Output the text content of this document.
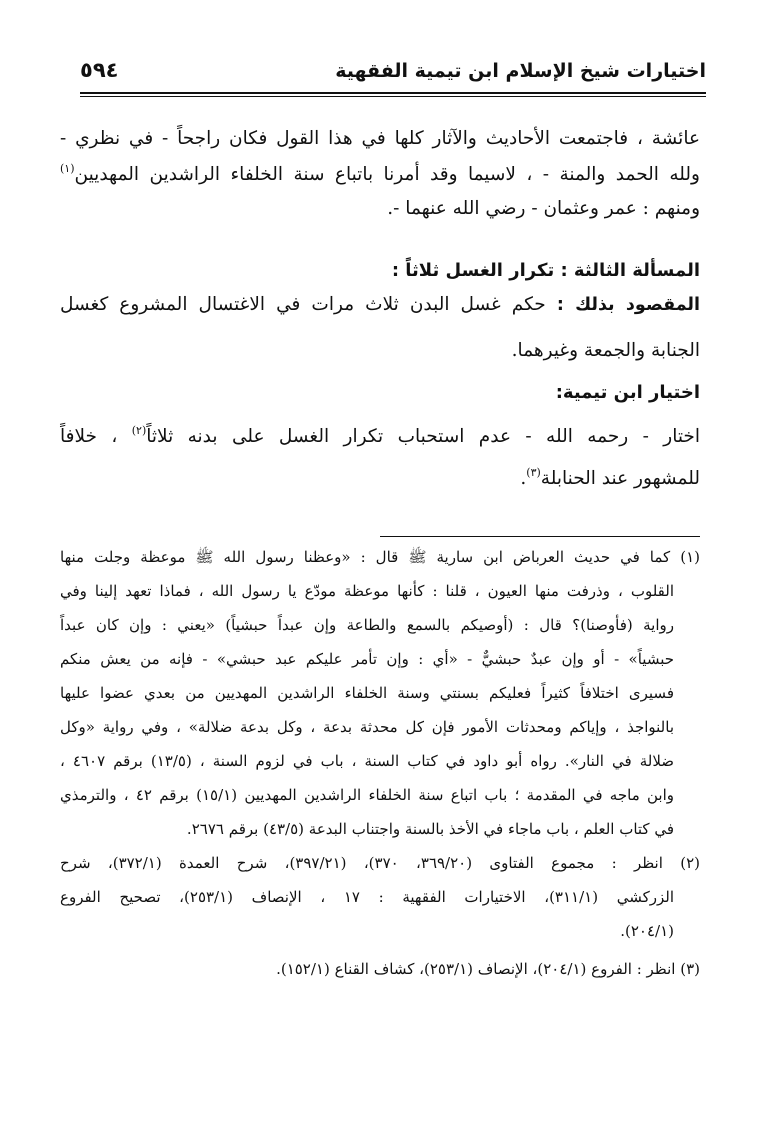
اختيارات شيخ الإسلام ابن تيمية الفقهية
٥٩٤
عائشة ، فاجتمعت الأحاديث والآثار كلها في هذا القول فكان راجحاً - في نظري -
ولله الحمد والمنة - ، لاسيما وقد أمرنا باتباع سنة الخلفاء الراشدين المهديين$^{(١)}$
ومنهم : عمر وعثمان - رضي الله عنهما -.
المسألة الثالثة : تكرار الغسل ثلاثاً :
المقصود بذلك : حكم غسل البدن ثلاث مرات في الاغتسال المشروع كغسل
الجنابة والجمعة وغيرهما.
اختيار ابن تيمية:
اختار - رحمه الله - عدم استحباب تكرار الغسل على بدنه ثلاثاً$^{(٢)}$ ، خلافاً
للمشهور عند الحنابلة$^{(٣)}$.
(١) كما في حديث العرباض ابن سارية ﷺ قال : «وعظنا رسول الله ﷺ موعظة وجلت منها
القلوب ، وذرفت منها العيون ، قلنا : كأنها موعظة مودّع يا رسول الله ، فماذا تعهد إلينا وفي
رواية (فأوصنا)؟ قال : (أوصيكم بالسمع والطاعة وإن عبداً حبشياً) «يعني : وإن كان عبداً
حبشياً» - أو وإن عبدٌ حبشيٌّ - «أي : وإن تأمر عليكم عبد حبشي» - فإنه من يعش منكم
فسيرى اختلافاً كثيراً فعليكم بسنتي وسنة الخلفاء الراشدين المهديين من بعدي عضوا عليها
بالنواجذ ، وإياكم ومحدثات الأمور فإن كل محدثة بدعة ، وكل بدعة ضلالة» ، وفي رواية «وكل
ضلالة في النار». رواه أبو داود في كتاب السنة ، باب في لزوم السنة ، (١٣/٥) برقم ٤٦٠٧ ،
وابن ماجه في المقدمة ؛ باب اتباع سنة الخلفاء الراشدين المهديين (١٥/١) برقم ٤٢ ، والترمذي
في كتاب العلم ، باب ماجاء في الأخذ بالسنة واجتناب البدعة (٤٣/٥) برقم ٢٦٧٦.
(٢) انظر : مجموع الفتاوى (٣٦٩/٢٠، ٣٧٠)، (٣٩٧/٢١)، شرح العمدة (٣٧٢/١)، شرح
الزركشي (٣١١/١)، الاختيارات الفقهية : ١٧ ، الإنصاف (٢٥٣/١)، تصحيح الفروع
(٢٠٤/١).
(٣) انظر : الفروع (٢٠٤/١)، الإنصاف (٢٥٣/١)، كشاف القناع (١٥٢/١).
